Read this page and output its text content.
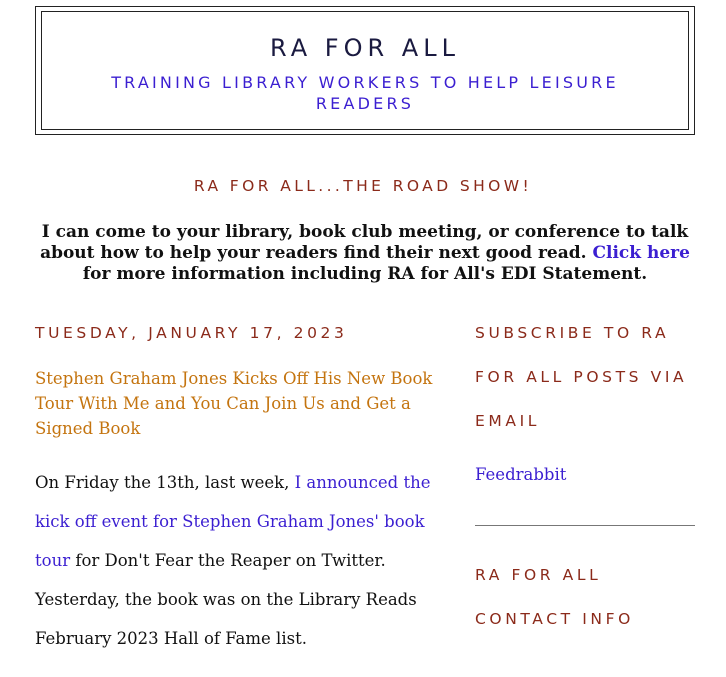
RA FOR ALL
TRAINING LIBRARY WORKERS TO HELP LEISURE READERS
RA FOR ALL...THE ROAD SHOW!
I can come to your library, book club meeting, or conference to talk about how to help your readers find their next good read. Click here for more information including RA for All's EDI Statement.
TUESDAY, JANUARY 17, 2023
Stephen Graham Jones Kicks Off His New Book Tour With Me and You Can Join Us and Get a Signed Book
On Friday the 13th, last week, I announced the kick off event for Stephen Graham Jones' book tour for Don't Fear the Reaper on Twitter. Yesterday, the book was on the Library Reads February 2023 Hall of Fame list.
SUBSCRIBE TO RA FOR ALL POSTS VIA EMAIL
Feedrabbit
RA FOR ALL CONTACT INFO
